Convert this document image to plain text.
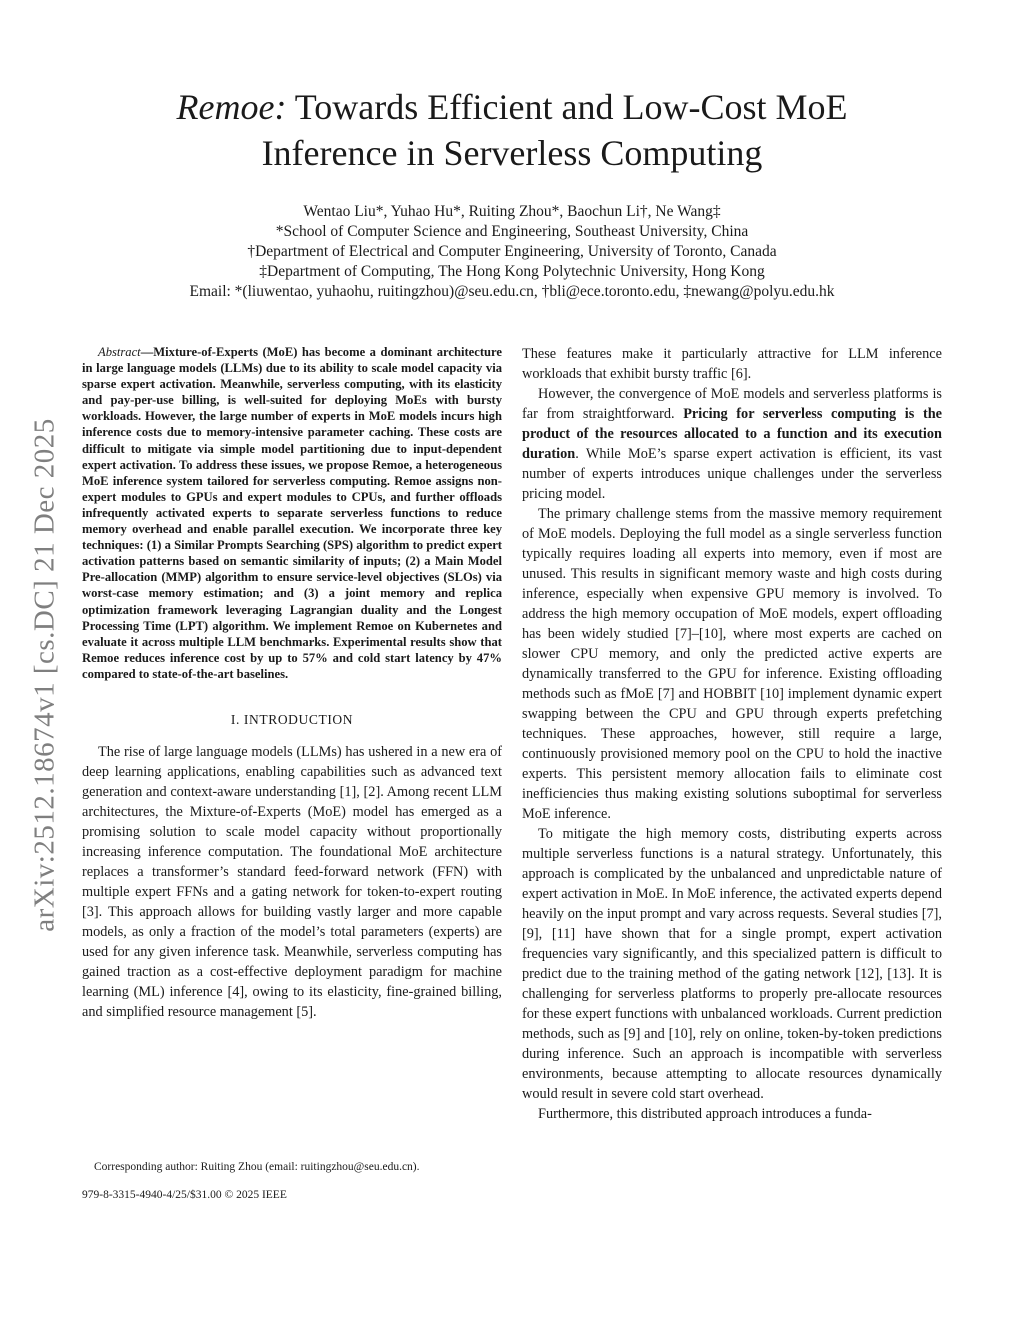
Remoe: Towards Efficient and Low-Cost MoE
Inference in Serverless Computing
Wentao Liu*, Yuhao Hu*, Ruiting Zhou*, Baochun Li†, Ne Wang‡
*School of Computer Science and Engineering, Southeast University, China
†Department of Electrical and Computer Engineering, University of Toronto, Canada
‡Department of Computing, The Hong Kong Polytechnic University, Hong Kong
Email: *(liuwentao, yuhaohu, ruitingzhou)@seu.edu.cn, †bli@ece.toronto.edu, ‡newang@polyu.edu.hk
arXiv:2512.18674v1 [cs.DC] 21 Dec 2025

Abstract—Mixture-of-Experts (MoE) has become a dominant architecture in large language models (LLMs) due to its ability to scale model capacity via sparse expert activation. Meanwhile, serverless computing, with its elasticity and pay-per-use billing, is well-suited for deploying MoEs with bursty workloads. However, the large number of experts in MoE models incurs high inference costs due to memory-intensive parameter caching. These costs are difficult to mitigate via simple model partitioning due to input-dependent expert activation. To address these issues, we propose Remoe, a heterogeneous MoE inference system tailored for serverless computing. Remoe assigns non-expert modules to GPUs and expert modules to CPUs, and further offloads infrequently activated experts to separate serverless functions to reduce memory overhead and enable parallel execution. We incorporate three key techniques: (1) a Similar Prompts Searching (SPS) algorithm to predict expert activation patterns based on semantic similarity of inputs; (2) a Main Model Pre-allocation (MMP) algorithm to ensure service-level objectives (SLOs) via worst-case memory estimation; and (3) a joint memory and replica optimization framework leveraging Lagrangian duality and the Longest Processing Time (LPT) algorithm. We implement Remoe on Kubernetes and evaluate it across multiple LLM benchmarks. Experimental results show that Remoe reduces inference cost by up to 57% and cold start latency by 47% compared to state-of-the-art baselines.

I. INTRODUCTION

The rise of large language models (LLMs) has ushered in a new era of deep learning applications, enabling capabilities such as advanced text generation and context-aware understanding [1], [2]. Among recent LLM architectures, the Mixture-of-Experts (MoE) model has emerged as a promising solution to scale model capacity without proportionally increasing inference computation. The foundational MoE architecture replaces a transformer’s standard feed-forward network (FFN) with multiple expert FFNs and a gating network for token-to-expert routing [3]. This approach allows for building vastly larger and more capable models, as only a fraction of the model’s total parameters (experts) are used for any given inference task. Meanwhile, serverless computing has gained traction as a cost-effective deployment paradigm for machine learning (ML) inference [4], owing to its elasticity, fine-grained billing, and simplified resource management [5].

Corresponding author: Ruiting Zhou (email: ruitingzhou@seu.edu.cn).
979-8-3315-4940-4/25/$31.00 © 2025 IEEE

These features make it particularly attractive for LLM inference workloads that exhibit bursty traffic [6].

However, the convergence of MoE models and serverless platforms is far from straightforward. Pricing for serverless computing is the product of the resources allocated to a function and its execution duration. While MoE’s sparse expert activation is efficient, its vast number of experts introduces unique challenges under the serverless pricing model.

The primary challenge stems from the massive memory requirement of MoE models. Deploying the full model as a single serverless function typically requires loading all experts into memory, even if most are unused. This results in significant memory waste and high costs during inference, especially when expensive GPU memory is involved. To address the high memory occupation of MoE models, expert offloading has been widely studied [7]–[10], where most experts are cached on slower CPU memory, and only the predicted active experts are dynamically transferred to the GPU for inference. Existing offloading methods such as fMoE [7] and HOBBIT [10] implement dynamic expert swapping between the CPU and GPU through experts prefetching techniques. These approaches, however, still require a large, continuously provisioned memory pool on the CPU to hold the inactive experts. This persistent memory allocation fails to eliminate cost inefficiencies thus making existing solutions suboptimal for serverless MoE inference.

To mitigate the high memory costs, distributing experts across multiple serverless functions is a natural strategy. Unfortunately, this approach is complicated by the unbalanced and unpredictable nature of expert activation in MoE. In MoE inference, the activated experts depend heavily on the input prompt and vary across requests. Several studies [7], [9], [11] have shown that for a single prompt, expert activation frequencies vary significantly, and this specialized pattern is difficult to predict due to the training method of the gating network [12], [13]. It is challenging for serverless platforms to properly pre-allocate resources for these expert functions with unbalanced workloads. Current prediction methods, such as [9] and [10], rely on online, token-by-token predictions during inference. Such an approach is incompatible with serverless environments, because attempting to allocate resources dynamically would result in severe cold start overhead.

Furthermore, this distributed approach introduces a funda-
